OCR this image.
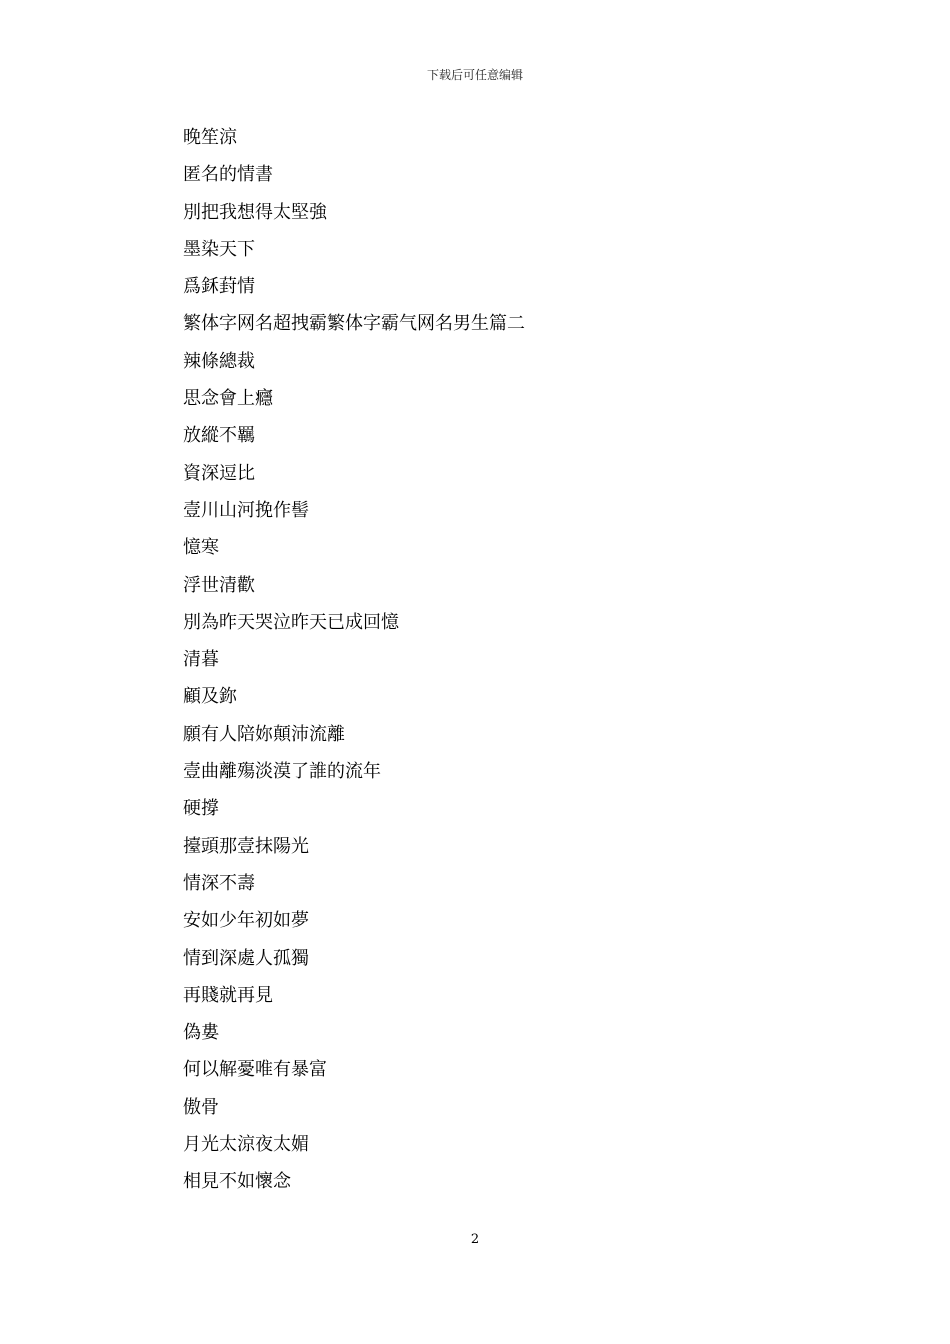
下载后可任意编辑
晚笙涼
匿名的情書
別把我想得太堅強
墨染天下
爲鉌葑情
繁体字网名超拽霸繁体字霸气网名男生篇二
辣條總裁
思念會上癮
放縱不羈
資深逗比
壹川山河挽作髻
憶寒
浮世清歡
別為昨天哭泣昨天已成回憶
清暮
顧及鉨
願有人陪妳顛沛流離
壹曲離殤淡漠了誰的流年
硬撐
擡頭那壹抹陽光
情深不壽
安如少年初如夢
情到深處人孤獨
再賤就再見
偽婁
何以解憂唯有暴富
傲骨
月光太涼夜太媚
相見不如懷念
2
